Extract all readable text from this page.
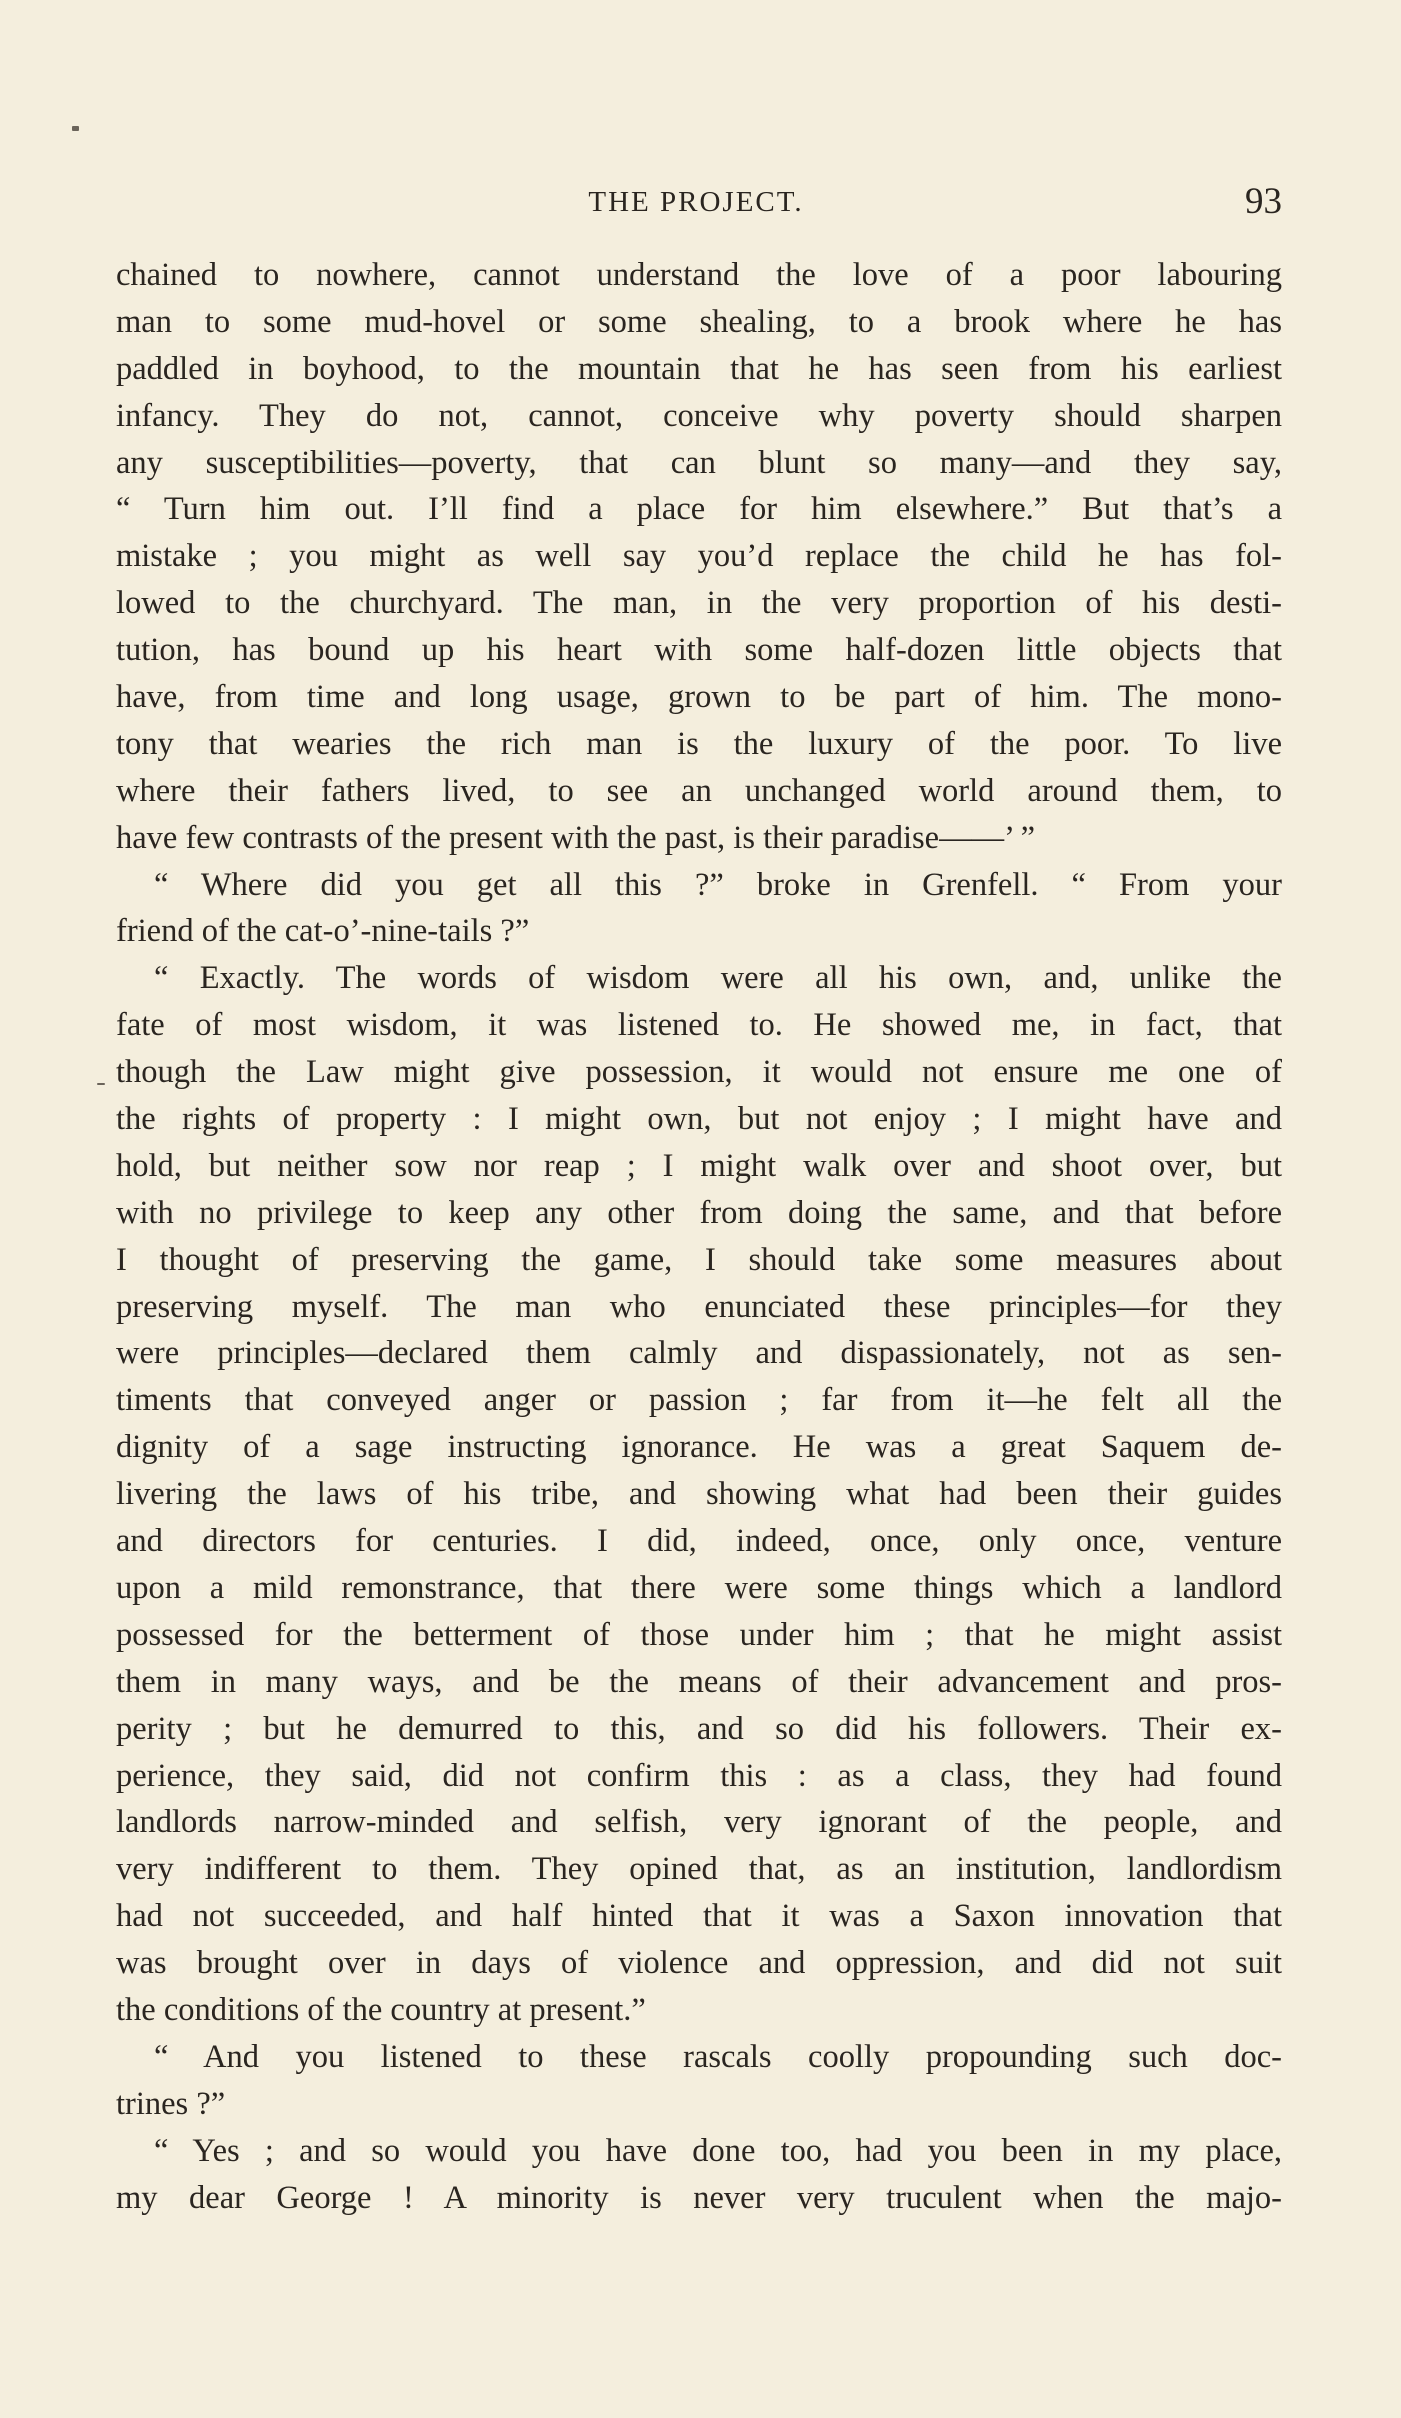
THE PROJECT.	93
chained to nowhere, cannot understand the love of a poor labouring
man to some mud-hovel or some shealing, to a brook where he has
paddled in boyhood, to the mountain that he has seen from his earliest
infancy. They do not, cannot, conceive why poverty should sharpen
any susceptibilities—poverty, that can blunt so many—and they say,
“ Turn him out. I’ll find a place for him elsewhere.” But that’s a
mistake ; you might as well say you’d replace the child he has fol-
lowed to the churchyard. The man, in the very proportion of his desti-
tution, has bound up his heart with some half-dozen little objects that
have, from time and long usage, grown to be part of him. The mono-
tony that wearies the rich man is the luxury of the poor. To live
where their fathers lived, to see an unchanged world around them, to
have few contrasts of the present with the past, is their paradise——’ ”
“ Where did you get all this ?” broke in Grenfell. “ From your
friend of the cat-o’-nine-tails ?”
“ Exactly. The words of wisdom were all his own, and, unlike the
fate of most wisdom, it was listened to. He showed me, in fact, that
though the Law might give possession, it would not ensure me one of
the rights of property : I might own, but not enjoy ; I might have and
hold, but neither sow nor reap ; I might walk over and shoot over, but
with no privilege to keep any other from doing the same, and that before
I thought of preserving the game, I should take some measures about
preserving myself. The man who enunciated these principles—for they
were principles—declared them calmly and dispassionately, not as sen-
timents that conveyed anger or passion ; far from it—he felt all the
dignity of a sage instructing ignorance. He was a great Saquem de-
livering the laws of his tribe, and showing what had been their guides
and directors for centuries. I did, indeed, once, only once, venture
upon a mild remonstrance, that there were some things which a landlord
possessed for the betterment of those under him ; that he might assist
them in many ways, and be the means of their advancement and pros-
perity ; but he demurred to this, and so did his followers. Their ex-
perience, they said, did not confirm this : as a class, they had found
landlords narrow-minded and selfish, very ignorant of the people, and
very indifferent to them. They opined that, as an institution, landlordism
had not succeeded, and half hinted that it was a Saxon innovation that
was brought over in days of violence and oppression, and did not suit
the conditions of the country at present.”
“ And you listened to these rascals coolly propounding such doc-
trines ?”
“ Yes ; and so would you have done too, had you been in my place,
my dear George ! A minority is never very truculent when the majo-
